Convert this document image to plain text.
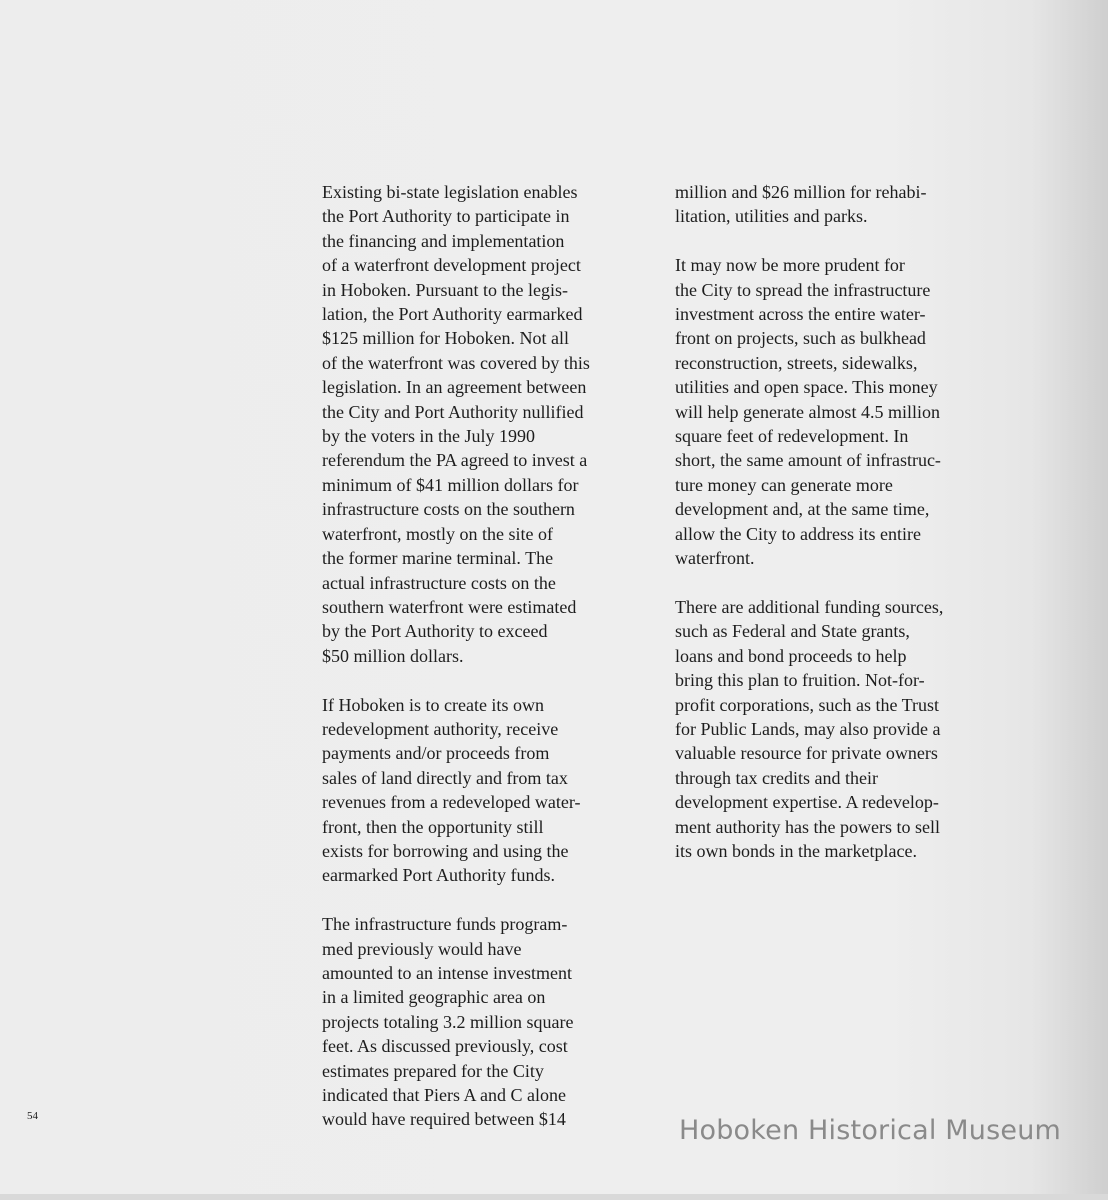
Existing bi-state legislation enables
the Port Authority to participate in
the financing and implementation
of a waterfront development project
in Hoboken. Pursuant to the legis-
lation, the Port Authority earmarked
$125 million for Hoboken. Not all
of the waterfront was covered by this
legislation. In an agreement between
the City and Port Authority nullified
by the voters in the July 1990
referendum the PA agreed to invest a
minimum of $41 million dollars for
infrastructure costs on the southern
waterfront, mostly on the site of
the former marine terminal. The
actual infrastructure costs on the
southern waterfront were estimated
by the Port Authority to exceed
$50 million dollars.

If Hoboken is to create its own
redevelopment authority, receive
payments and/or proceeds from
sales of land directly and from tax
revenues from a redeveloped water-
front, then the opportunity still
exists for borrowing and using the
earmarked Port Authority funds.

The infrastructure funds program-
med previously would have
amounted to an intense investment
in a limited geographic area on
projects totaling 3.2 million square
feet. As discussed previously, cost
estimates prepared for the City
indicated that Piers A and C alone
would have required between $14

million and $26 million for rehabi-
litation, utilities and parks.

It may now be more prudent for
the City to spread the infrastructure
investment across the entire water-
front on projects, such as bulkhead
reconstruction, streets, sidewalks,
utilities and open space. This money
will help generate almost 4.5 million
square feet of redevelopment. In
short, the same amount of infrastruc-
ture money can generate more
development and, at the same time,
allow the City to address its entire
waterfront.

There are additional funding sources,
such as Federal and State grants,
loans and bond proceeds to help
bring this plan to fruition. Not-for-
profit corporations, such as the Trust
for Public Lands, may also provide a
valuable resource for private owners
through tax credits and their
development expertise. A redevelop-
ment authority has the powers to sell
its own bonds in the marketplace.

54	Hoboken Historical Museum
